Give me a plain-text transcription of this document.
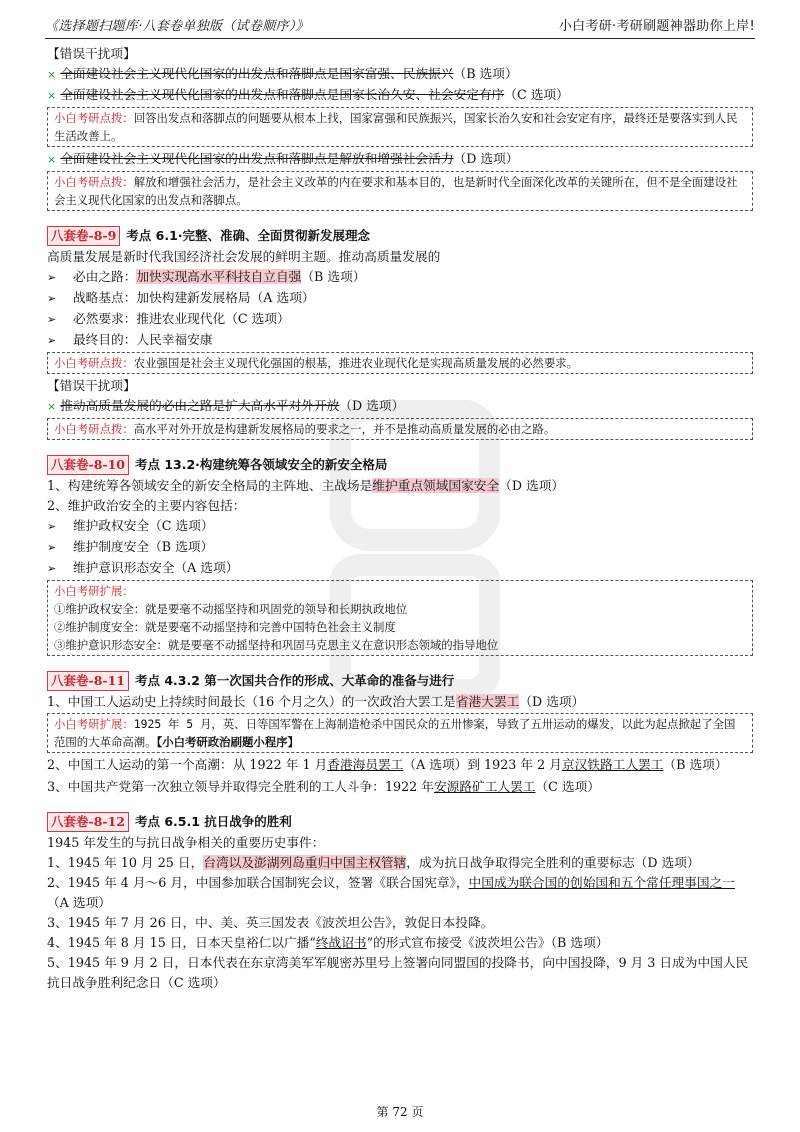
《选择题扫题库·八套卷单独版（试卷顺序）》	小白考研·考研刷题神器助你上岸!
【错误干扰项】
× 全面建设社会主义现代化国家的出发点和落脚点是国家富强、民族振兴（B 选项）
× 全面建设社会主义现代化国家的出发点和落脚点是国家长治久安、社会安定有序（C 选项）
小白考研点拨：回答出发点和落脚点的问题要从根本上找，国家富强和民族振兴，国家长治久安和社会安定有序，最终还是要落实到人民生活改善上。
× 全面建设社会主义现代化国家的出发点和落脚点是解放和增强社会活力（D 选项）
小白考研点拨：解放和增强社会活力，是社会主义改革的内在要求和基本目的，也是新时代全面深化改革的关键所在，但不是全面建设社会主义现代化国家的出发点和落脚点。
八套卷-8-9 考点 6.1·完整、准确、全面贯彻新发展理念
高质量发展是新时代我国经济社会发展的鲜明主题。推动高质量发展的
➢ 必由之路：加快实现高水平科技自立自强（B 选项）
➢ 战略基点：加快构建新发展格局（A 选项）
➢ 必然要求：推进农业现代化（C 选项）
➢ 最终目的：人民幸福安康
小白考研点拨：农业强国是社会主义现代化强国的根基，推进农业现代化是实现高质量发展的必然要求。
【错误干扰项】
× 推动高质量发展的必由之路是扩大高水平对外开放（D 选项）
小白考研点拨：高水平对外开放是构建新发展格局的要求之一，并不是推动高质量发展的必由之路。
八套卷-8-10 考点 13.2·构建统筹各领域安全的新安全格局
1、构建统筹各领域安全的新安全格局的主阵地、主战场是维护重点领域国家安全（D 选项）
2、维护政治安全的主要内容包括：
➢ 维护政权安全（C 选项）
➢ 维护制度安全（B 选项）
➢ 维护意识形态安全（A 选项）
小白考研扩展：
①维护政权安全：就是要毫不动摇坚持和巩固党的领导和长期执政地位
②维护制度安全：就是要毫不动摇坚持和完善中国特色社会主义制度
③维护意识形态安全：就是要毫不动摇坚持和巩固马克思主义在意识形态领域的指导地位
八套卷-8-11 考点 4.3.2 第一次国共合作的形成、大革命的准备与进行
1、中国工人运动史上持续时间最长（16 个月之久）的一次政治大罢工是省港大罢工（D 选项）
小白考研扩展：1925 年 5 月，英、日等国军警在上海制造枪杀中国民众的五卅惨案，导致了五卅运动的爆发，以此为起点掀起了全国范围的大革命高潮。【小白考研政治刷题小程序】
2、中国工人运动的第一个高潮：从 1922 年 1 月香港海员罢工（A 选项）到 1923 年 2 月京汉铁路工人罢工（B 选项）
3、中国共产党第一次独立领导并取得完全胜利的工人斗争：1922 年安源路矿工人罢工（C 选项）
八套卷-8-12 考点 6.5.1 抗日战争的胜利
1945 年发生的与抗日战争相关的重要历史事件：
1、1945 年 10 月 25 日，台湾以及澎湖列岛重归中国主权管辖，成为抗日战争取得完全胜利的重要标志（D 选项）
2、1945 年 4 月～6 月，中国参加联合国制宪会议，签署《联合国宪章》，中国成为联合国的创始国和五个常任理事国之一（A 选项）
3、1945 年 7 月 26 日，中、美、英三国发表《波茨坦公告》，敦促日本投降。
4、1945 年 8 月 15 日，日本天皇裕仁以广播“终战诏书”的形式宣布接受《波茨坦公告》（B 选项）
5、1945 年 9 月 2 日，日本代表在东京湾美军军舰密苏里号上签署向同盟国的投降书，向中国投降，9 月 3 日成为中国人民抗日战争胜利纪念日（C 选项）
第 72 页
